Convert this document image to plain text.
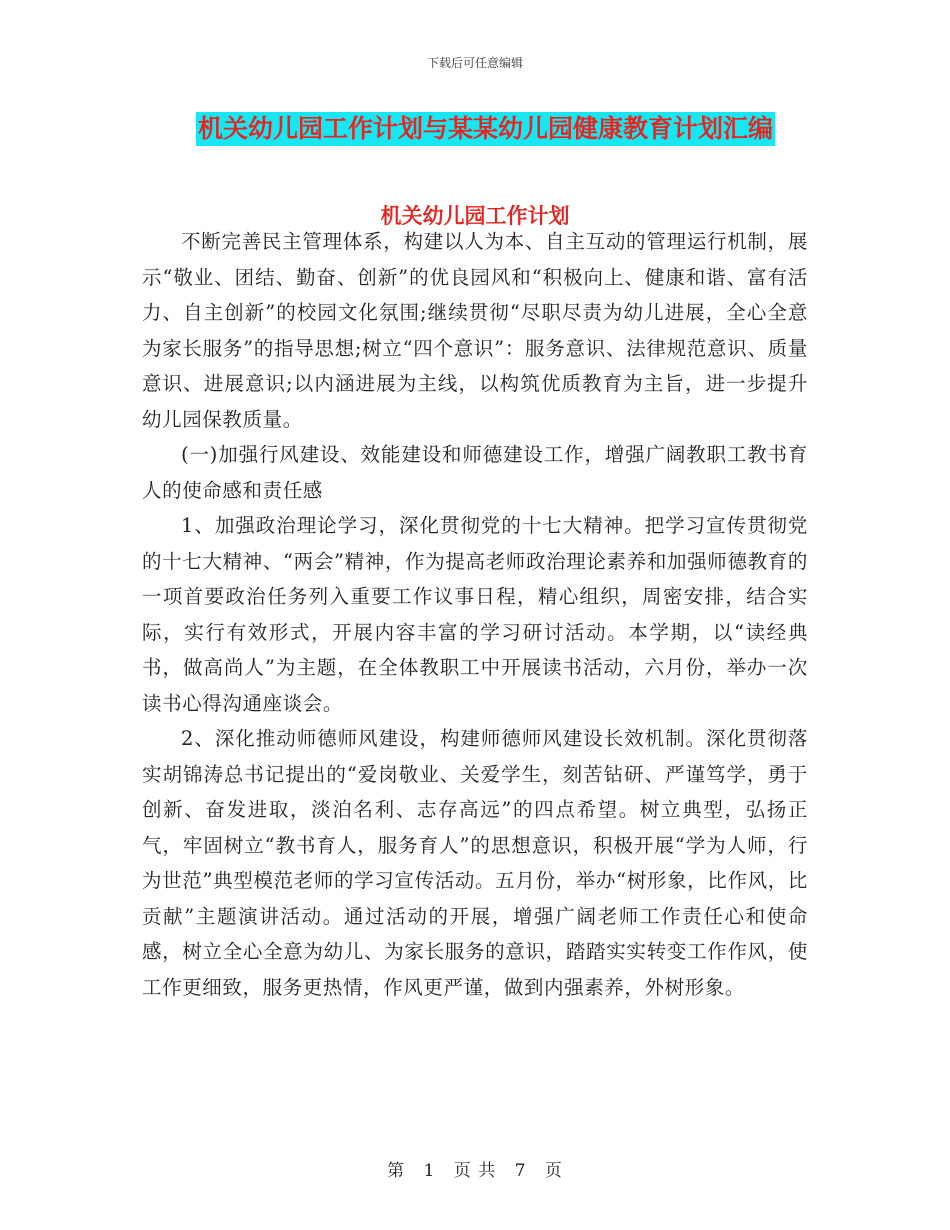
下载后可任意编辑
机关幼儿园工作计划与某某幼儿园健康教育计划汇编
机关幼儿园工作计划

不断完善民主管理体系，构建以人为本、自主互动的管理运行机制，展示“敬业、团结、勤奋、创新”的优良园风和“积极向上、健康和谐、富有活力、自主创新”的校园文化氛围;继续贯彻“尽职尽责为幼儿进展，全心全意为家长服务”的指导思想;树立“四个意识”：服务意识、法律规范意识、质量意识、进展意识;以内涵进展为主线，以构筑优质教育为主旨，进一步提升幼儿园保教质量。

(一)加强行风建设、效能建设和师德建设工作，增强广阔教职工教书育人的使命感和责任感

1、加强政治理论学习，深化贯彻党的十七大精神。把学习宣传贯彻党的十七大精神、“两会”精神，作为提高老师政治理论素养和加强师德教育的一项首要政治任务列入重要工作议事日程，精心组织，周密安排，结合实际，实行有效形式，开展内容丰富的学习研讨活动。本学期，以“读经典书，做高尚人”为主题，在全体教职工中开展读书活动，六月份，举办一次读书心得沟通座谈会。

2、深化推动师德师风建设，构建师德师风建设长效机制。深化贯彻落实胡锦涛总书记提出的“爱岗敬业、关爱学生，刻苦钻研、严谨笃学，勇于创新、奋发进取，淡泊名利、志存高远”的四点希望。树立典型，弘扬正气，牢固树立“教书育人，服务育人”的思想意识，积极开展“学为人师，行为世范”典型模范老师的学习宣传活动。五月份，举办“树形象，比作风，比贡献”主题演讲活动。通过活动的开展，增强广阔老师工作责任心和使命感，树立全心全意为幼儿、为家长服务的意识，踏踏实实转变工作作风，使工作更细致，服务更热情，作风更严谨，做到内强素养，外树形象。

第 1 页 共 7 页
